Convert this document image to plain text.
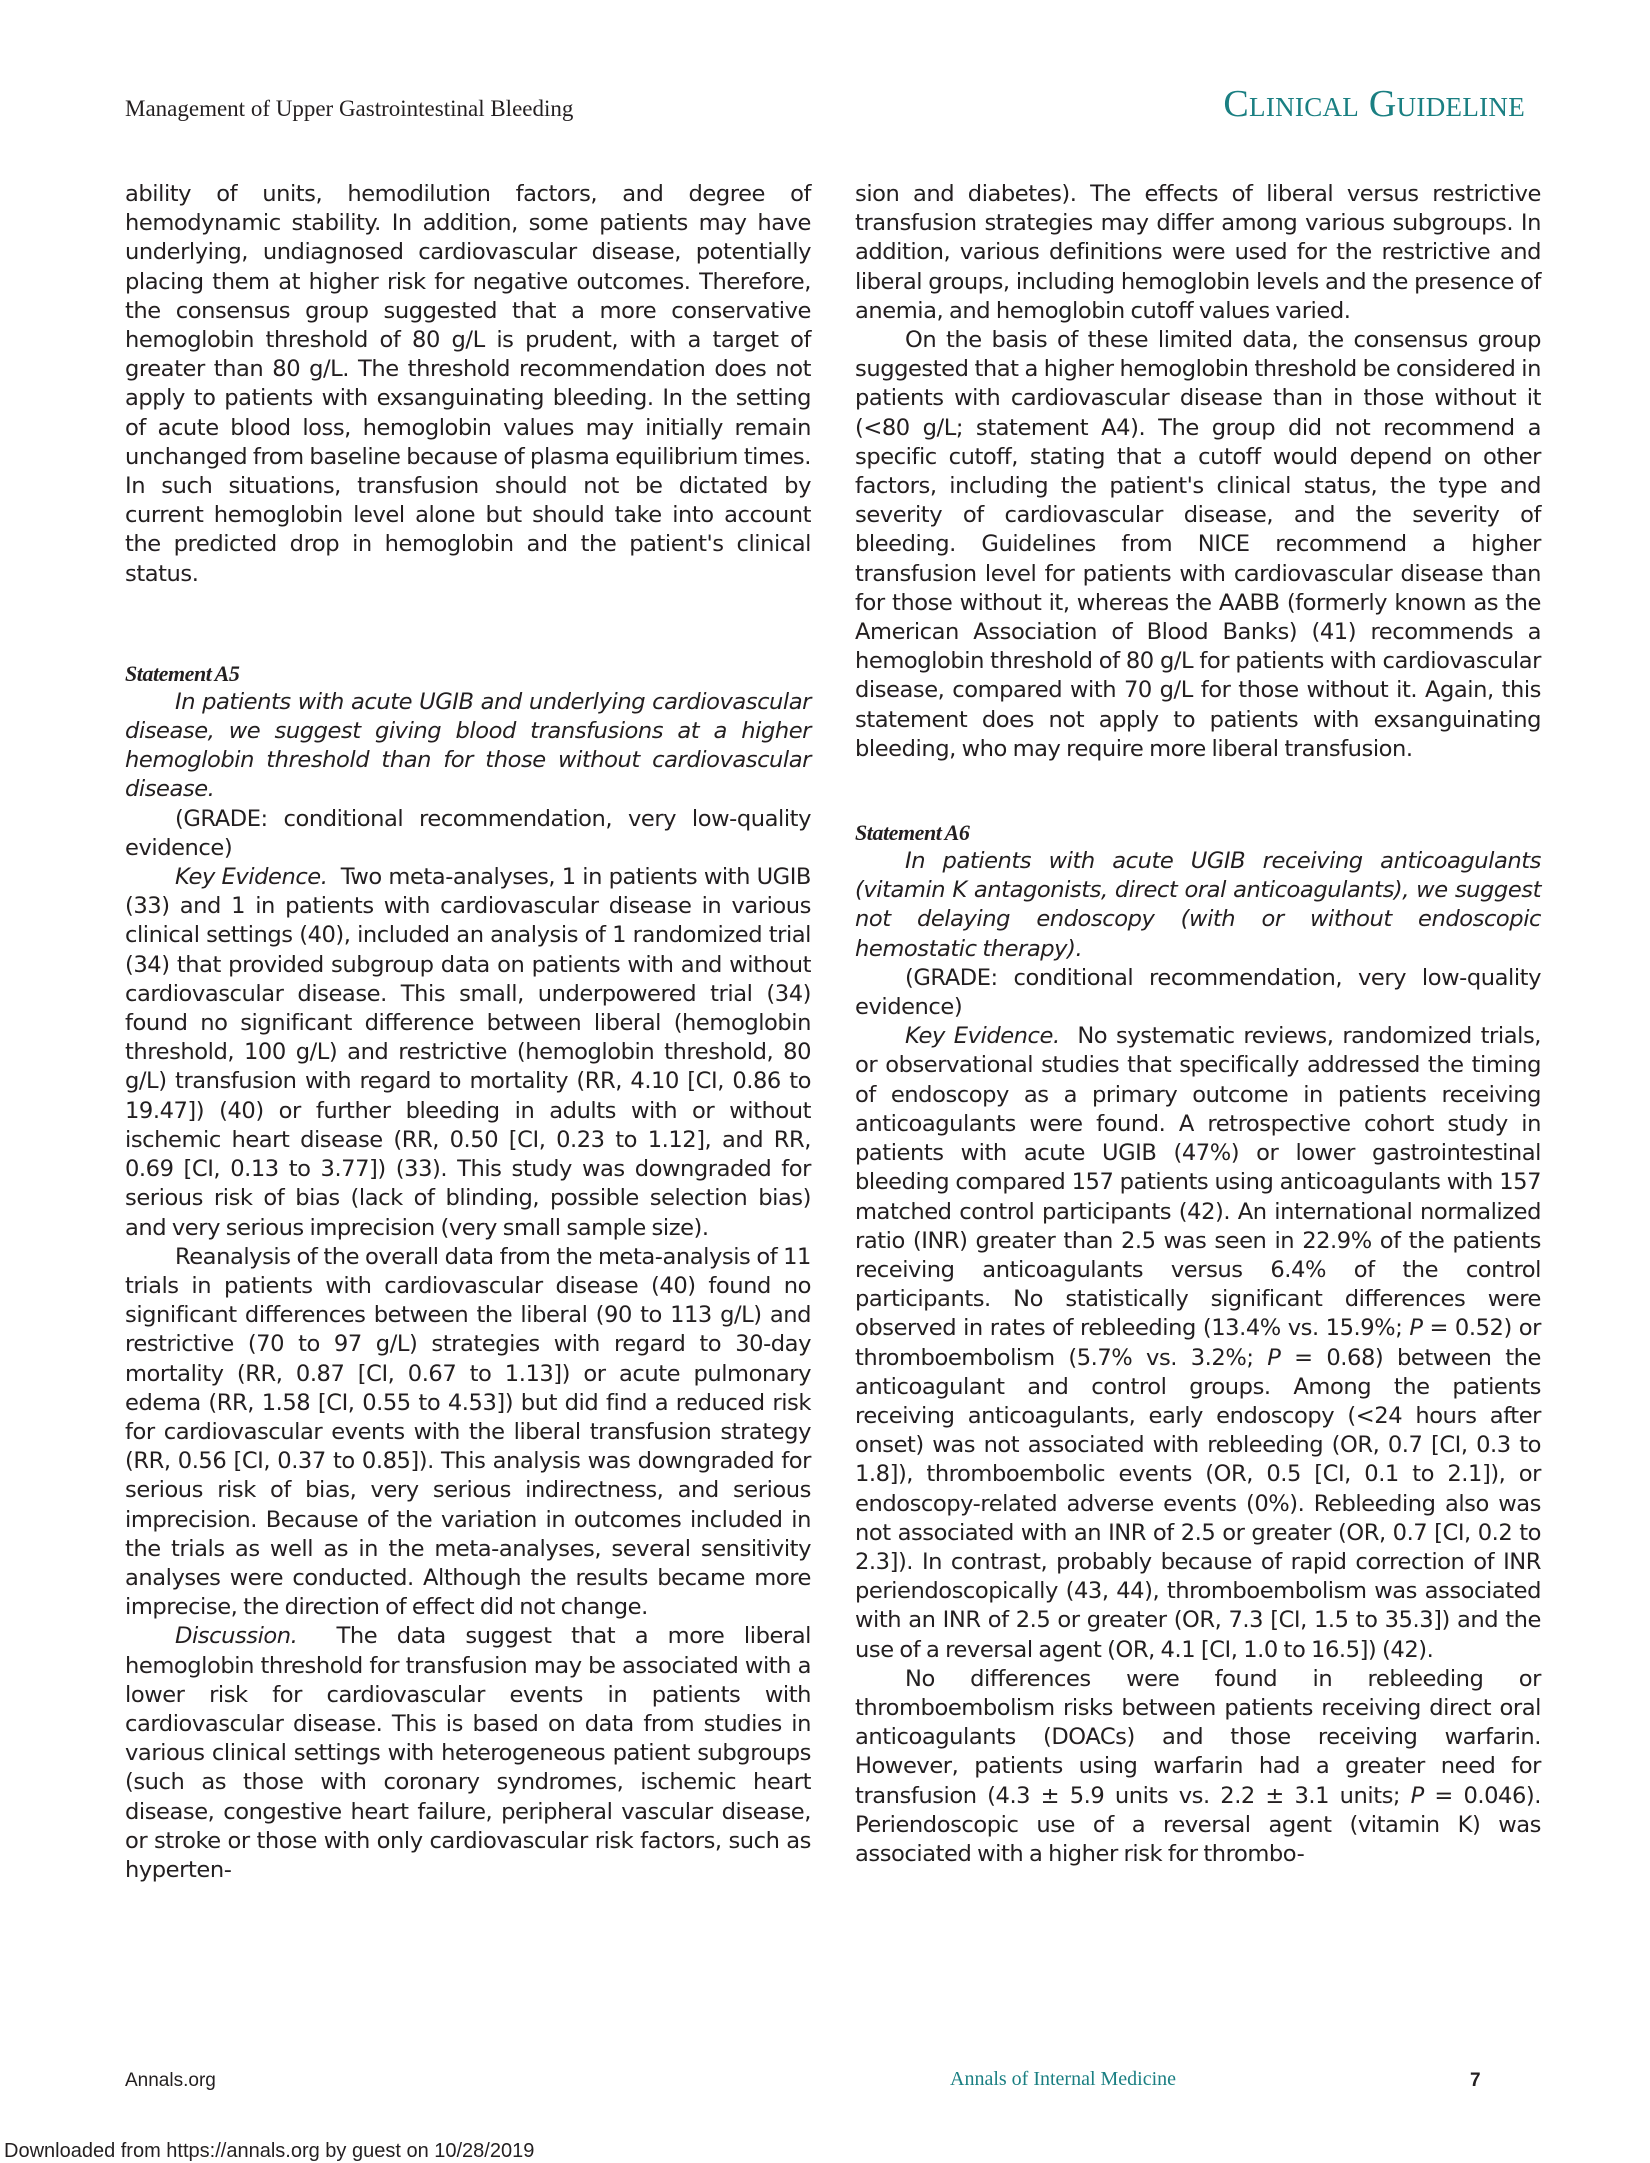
Management of Upper Gastrointestinal Bleeding	Clinical Guideline

ability of units, hemodilution factors, and degree of hemodynamic stability. In addition, some patients may have underlying, undiagnosed cardiovascular disease, potentially placing them at higher risk for negative outcomes. Therefore, the consensus group suggested that a more conservative hemoglobin threshold of 80 g/L is prudent, with a target of greater than 80 g/L. The threshold recommendation does not apply to patients with exsanguinating bleeding. In the setting of acute blood loss, hemoglobin values may initially remain unchanged from baseline because of plasma equilibrium times. In such situations, transfusion should not be dictated by current hemoglobin level alone but should take into account the predicted drop in hemoglobin and the patient's clinical status.

Statement A5

In patients with acute UGIB and underlying cardiovascular disease, we suggest giving blood transfusions at a higher hemoglobin threshold than for those without cardiovascular disease.

(GRADE: conditional recommendation, very low-quality evidence)

Key Evidence. Two meta-analyses, 1 in patients with UGIB (33) and 1 in patients with cardiovascular disease in various clinical settings (40), included an analysis of 1 randomized trial (34) that provided subgroup data on patients with and without cardiovascular disease. This small, underpowered trial (34) found no significant difference between liberal (hemoglobin threshold, 100 g/L) and restrictive (hemoglobin threshold, 80 g/L) transfusion with regard to mortality (RR, 4.10 [CI, 0.86 to 19.47]) (40) or further bleeding in adults with or without ischemic heart disease (RR, 0.50 [CI, 0.23 to 1.12], and RR, 0.69 [CI, 0.13 to 3.77]) (33). This study was downgraded for serious risk of bias (lack of blinding, possible selection bias) and very serious imprecision (very small sample size).

Reanalysis of the overall data from the meta-analysis of 11 trials in patients with cardiovascular disease (40) found no significant differences between the liberal (90 to 113 g/L) and restrictive (70 to 97 g/L) strategies with regard to 30-day mortality (RR, 0.87 [CI, 0.67 to 1.13]) or acute pulmonary edema (RR, 1.58 [CI, 0.55 to 4.53]) but did find a reduced risk for cardiovascular events with the liberal transfusion strategy (RR, 0.56 [CI, 0.37 to 0.85]). This analysis was downgraded for serious risk of bias, very serious indirectness, and serious imprecision. Because of the variation in outcomes included in the trials as well as in the meta-analyses, several sensitivity analyses were conducted. Although the results became more imprecise, the direction of effect did not change.

Discussion. The data suggest that a more liberal hemoglobin threshold for transfusion may be associated with a lower risk for cardiovascular events in patients with cardiovascular disease. This is based on data from studies in various clinical settings with heterogeneous patient subgroups (such as those with coronary syndromes, ischemic heart disease, congestive heart failure, peripheral vascular disease, or stroke or those with only cardiovascular risk factors, such as hyperten-

sion and diabetes). The effects of liberal versus restrictive transfusion strategies may differ among various subgroups. In addition, various definitions were used for the restrictive and liberal groups, including hemoglobin levels and the presence of anemia, and hemoglobin cutoff values varied.

On the basis of these limited data, the consensus group suggested that a higher hemoglobin threshold be considered in patients with cardiovascular disease than in those without it (<80 g/L; statement A4). The group did not recommend a specific cutoff, stating that a cutoff would depend on other factors, including the patient's clinical status, the type and severity of cardiovascular disease, and the severity of bleeding. Guidelines from NICE recommend a higher transfusion level for patients with cardiovascular disease than for those without it, whereas the AABB (formerly known as the American Association of Blood Banks) (41) recommends a hemoglobin threshold of 80 g/L for patients with cardiovascular disease, compared with 70 g/L for those without it. Again, this statement does not apply to patients with exsanguinating bleeding, who may require more liberal transfusion.

Statement A6

In patients with acute UGIB receiving anticoagulants (vitamin K antagonists, direct oral anticoagulants), we suggest not delaying endoscopy (with or without endoscopic hemostatic therapy).

(GRADE: conditional recommendation, very low-quality evidence)

Key Evidence. No systematic reviews, randomized trials, or observational studies that specifically addressed the timing of endoscopy as a primary outcome in patients receiving anticoagulants were found. A retrospective cohort study in patients with acute UGIB (47%) or lower gastrointestinal bleeding compared 157 patients using anticoagulants with 157 matched control participants (42). An international normalized ratio (INR) greater than 2.5 was seen in 22.9% of the patients receiving anticoagulants versus 6.4% of the control participants. No statistically significant differences were observed in rates of rebleeding (13.4% vs. 15.9%; P = 0.52) or thromboembolism (5.7% vs. 3.2%; P = 0.68) between the anticoagulant and control groups. Among the patients receiving anticoagulants, early endoscopy (<24 hours after onset) was not associated with rebleeding (OR, 0.7 [CI, 0.3 to 1.8]), thromboembolic events (OR, 0.5 [CI, 0.1 to 2.1]), or endoscopy-related adverse events (0%). Rebleeding also was not associated with an INR of 2.5 or greater (OR, 0.7 [CI, 0.2 to 2.3]). In contrast, probably because of rapid correction of INR periendoscopically (43, 44), thromboembolism was associated with an INR of 2.5 or greater (OR, 7.3 [CI, 1.5 to 35.3]) and the use of a reversal agent (OR, 4.1 [CI, 1.0 to 16.5]) (42).

No differences were found in rebleeding or thromboembolism risks between patients receiving direct oral anticoagulants (DOACs) and those receiving warfarin. However, patients using warfarin had a greater need for transfusion (4.3 ± 5.9 units vs. 2.2 ± 3.1 units; P = 0.046). Periendoscopic use of a reversal agent (vitamin K) was associated with a higher risk for thrombo-

Annals.org	Annals of Internal Medicine	7
Downloaded from https://annals.org by guest on 10/28/2019
